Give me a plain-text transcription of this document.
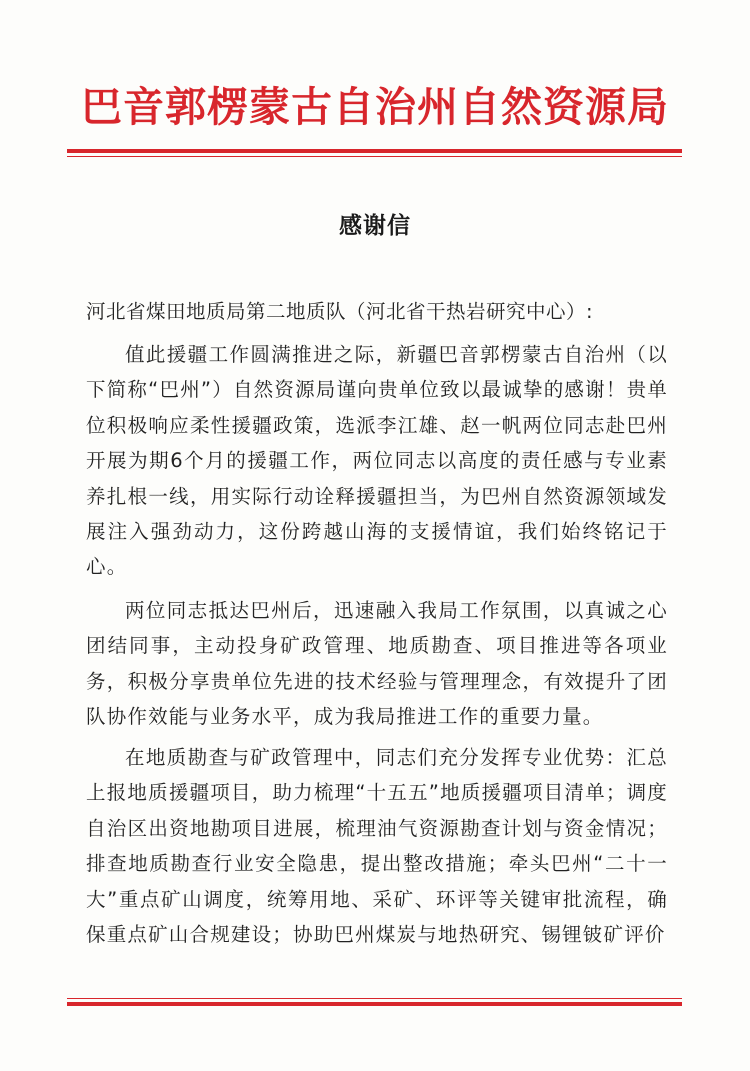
巴音郭楞蒙古自治州自然资源局
感谢信

河北省煤田地质局第二地质队（河北省干热岩研究中心）:

值此援疆工作圆满推进之际，新疆巴音郭楞蒙古自治州（以下简称“巴州”）自然资源局谨向贵单位致以最诚挚的感谢！贵单位积极响应柔性援疆政策，选派李江雄、赵一帆两位同志赴巴州开展为期6个月的援疆工作，两位同志以高度的责任感与专业素养扎根一线，用实际行动诠释援疆担当，为巴州自然资源领域发展注入强劲动力，这份跨越山海的支援情谊，我们始终铭记于心。

两位同志抵达巴州后，迅速融入我局工作氛围，以真诚之心团结同事，主动投身矿政管理、地质勘查、项目推进等各项业务，积极分享贵单位先进的技术经验与管理理念，有效提升了团队协作效能与业务水平，成为我局推进工作的重要力量。

在地质勘查与矿政管理中，同志们充分发挥专业优势：汇总上报地质援疆项目，助力梳理“十五五”地质援疆项目清单；调度自治区出资地勘项目进展，梳理油气资源勘查计划与资金情况；排查地质勘查行业安全隐患，提出整改措施；牵头巴州“二十一大”重点矿山调度，统筹用地、采矿、环评等关键审批流程，确保重点矿山合规建设；协助巴州煤炭与地热研究、锡锂铍矿评价
